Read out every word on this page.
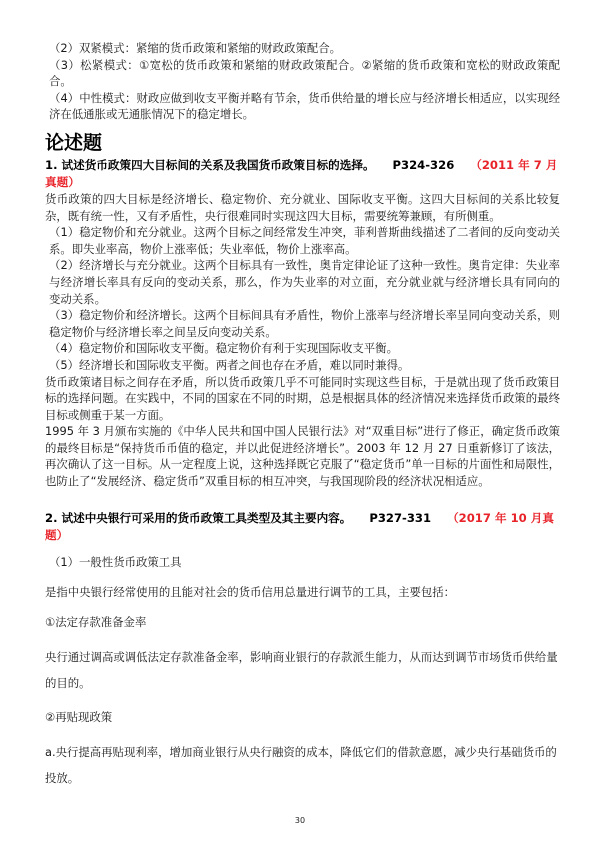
（2）双紧模式：紧缩的货币政策和紧缩的财政政策配合。

（3）松紧模式：①宽松的货币政策和紧缩的财政政策配合。②紧缩的货币政策和宽松的财政政策配合。

（4）中性模式：财政应做到收支平衡并略有节余，货币供给量的增长应与经济增长相适应，以实现经济在低通胀或无通胀情况下的稳定增长。

论述题

1. 试述货币政策四大目标间的关系及我国货币政策目标的选择。 P324-326 （2011 年 7 月真题）

货币政策的四大目标是经济增长、稳定物价、充分就业、国际收支平衡。这四大目标间的关系比较复杂，既有统一性，又有矛盾性，央行很难同时实现这四大目标，需要统筹兼顾，有所侧重。

（1）稳定物价和充分就业。这两个目标之间经常发生冲突，菲利普斯曲线描述了二者间的反向变动关系。即失业率高，物价上涨率低；失业率低，物价上涨率高。

（2）经济增长与充分就业。这两个目标具有一致性，奥肯定律论证了这种一致性。奥肯定律：失业率与经济增长率具有反向的变动关系，那么，作为失业率的对立面，充分就业就与经济增长具有同向的变动关系。

（3）稳定物价和经济增长。这两个目标间具有矛盾性，物价上涨率与经济增长率呈同向变动关系，则稳定物价与经济增长率之间呈反向变动关系。

（4）稳定物价和国际收支平衡。稳定物价有利于实现国际收支平衡。

（5）经济增长和国际收支平衡。两者之间也存在矛盾，难以同时兼得。

货币政策诸目标之间存在矛盾，所以货币政策几乎不可能同时实现这些目标，于是就出现了货币政策目标的选择问题。在实践中，不同的国家在不同的时期，总是根据具体的经济情况来选择货币政策的最终目标或侧重于某一方面。

1995 年 3 月颁布实施的《中华人民共和国中国人民银行法》对“双重目标”进行了修正，确定货币政策的最终目标是“保持货币币值的稳定，并以此促进经济增长”。2003 年 12 月 27 日重新修订了该法，再次确认了这一目标。从一定程度上说，这种选择既它克服了“稳定货币”单一目标的片面性和局限性，也防止了“发展经济、稳定货币”双重目标的相互冲突，与我国现阶段的经济状况相适应。

2. 试述中央银行可采用的货币政策工具类型及其主要内容。 P327-331 （2017 年 10 月真题）

（1）一般性货币政策工具

是指中央银行经常使用的且能对社会的货币信用总量进行调节的工具，主要包括：

①法定存款准备金率

央行通过调高或调低法定存款准备金率，影响商业银行的存款派生能力，从而达到调节市场货币供给量的目的。

②再贴现政策

a.央行提高再贴现利率，增加商业银行从央行融资的成本，降低它们的借款意愿，减少央行基础货币的投放。

30
